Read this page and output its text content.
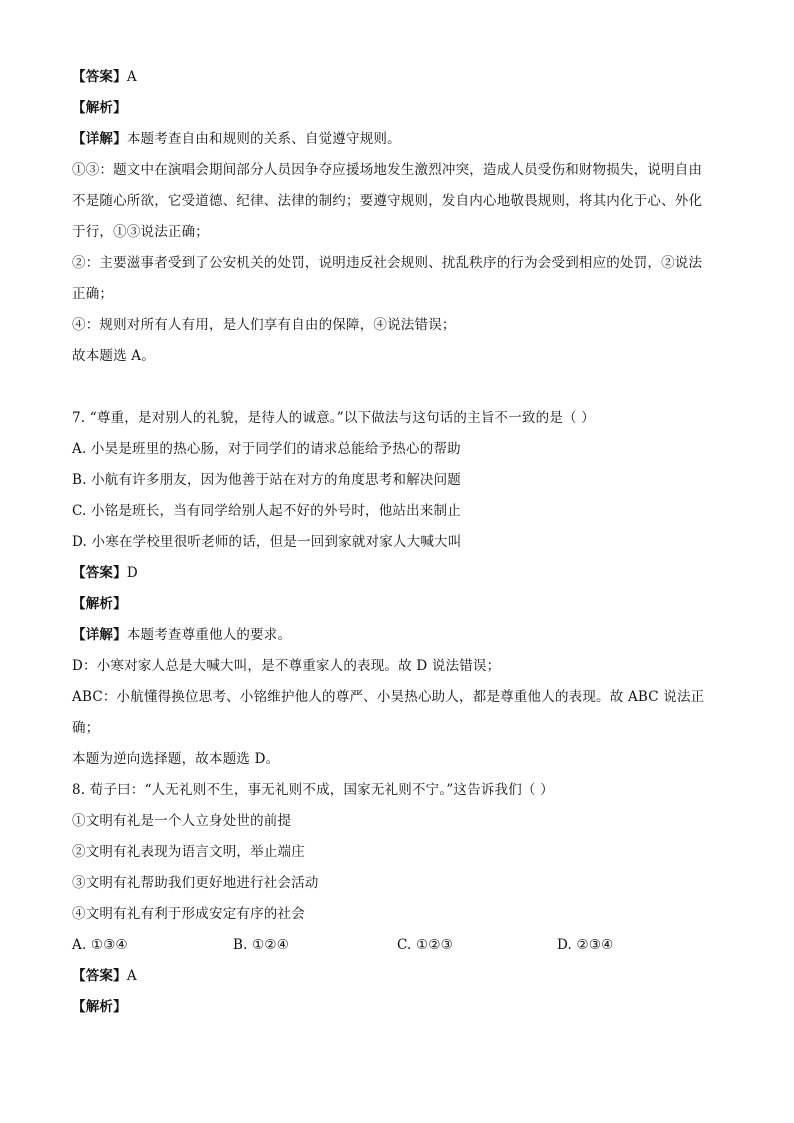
【答案】A

【解析】

【详解】本题考查自由和规则的关系、自觉遵守规则。

①③：题文中在演唱会期间部分人员因争夺应援场地发生激烈冲突，造成人员受伤和财物损失，说明自由

不是随心所欲，它受道德、纪律、法律的制约；要遵守规则，发自内心地敬畏规则，将其内化于心、外化

于行，①③说法正确；

②：主要滋事者受到了公安机关的处罚，说明违反社会规则、扰乱秩序的行为会受到相应的处罚，②说法

正确；

④：规则对所有人有用，是人们享有自由的保障，④说法错误；

故本题选 A。

7. “尊重，是对别人的礼貌，是待人的诚意。”以下做法与这句话的主旨不一致的是（ ）

A. 小昊是班里的热心肠，对于同学们的请求总能给予热心的帮助

B. 小航有许多朋友，因为他善于站在对方的角度思考和解决问题

C. 小铭是班长，当有同学给别人起不好的外号时，他站出来制止

D. 小寒在学校里很听老师的话，但是一回到家就对家人大喊大叫

【答案】D

【解析】

【详解】本题考查尊重他人的要求。

D：小寒对家人总是大喊大叫，是不尊重家人的表现。故 D 说法错误；

ABC：小航懂得换位思考、小铭维护他人的尊严、小昊热心助人，都是尊重他人的表现。故 ABC 说法正

确；

本题为逆向选择题，故本题选 D。

8. 荀子曰：“人无礼则不生，事无礼则不成，国家无礼则不宁。”这告诉我们（ ）

①文明有礼是一个人立身处世的前提

②文明有礼表现为语言文明，举止端庄

③文明有礼帮助我们更好地进行社会活动

④文明有礼有利于形成安定有序的社会

A. ①③④	B. ①②④	C. ①②③	D. ②③④

【答案】A

【解析】
